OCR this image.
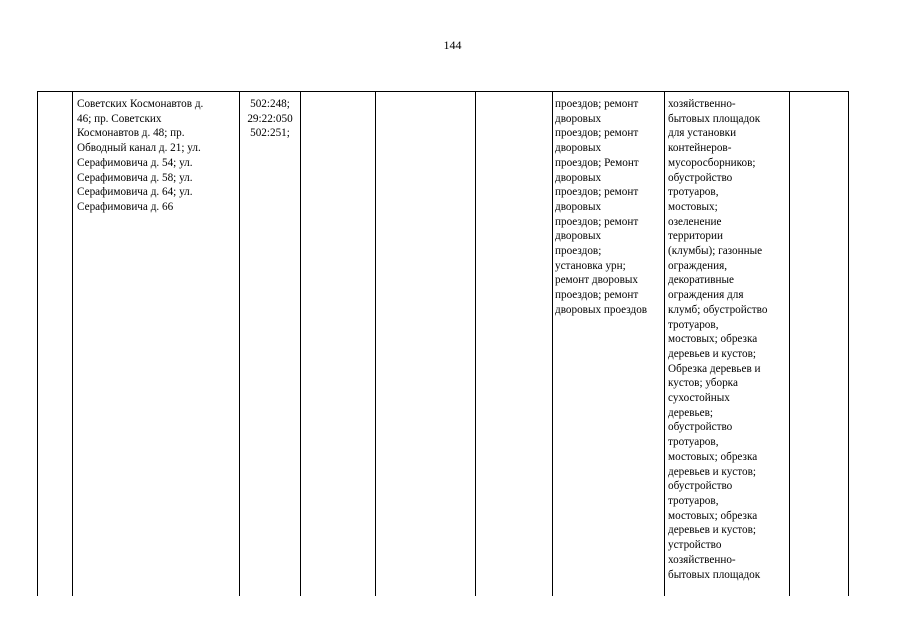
144
Советских Космонавтов д.
46; пр. Советских
Космонавтов д. 48; пр.
Обводный канал д. 21; ул.
Серафимовича д. 54; ул.
Серафимовича д. 58; ул.
Серафимовича д. 64; ул.
Серафимовича д. 66
502:248;
29:22:050
502:251;
проездов; ремонт
дворовых
проездов; ремонт
дворовых
проездов; Ремонт
дворовых
проездов; ремонт
дворовых
проездов; ремонт
дворовых
проездов;
установка урн;
ремонт дворовых
проездов; ремонт
дворовых проездов
хозяйственно-
бытовых площадок
для установки
контейнеров-
мусоросборников;
обустройство
тротуаров,
мостовых;
озеленение
территории
(клумбы); газонные
ограждения,
декоративные
ограждения для
клумб; обустройство
тротуаров,
мостовых; обрезка
деревьев и кустов;
Обрезка деревьев и
кустов; уборка
сухостойных
деревьев;
обустройство
тротуаров,
мостовых; обрезка
деревьев и кустов;
обустройство
тротуаров,
мостовых; обрезка
деревьев и кустов;
устройство
хозяйственно-
бытовых площадок
